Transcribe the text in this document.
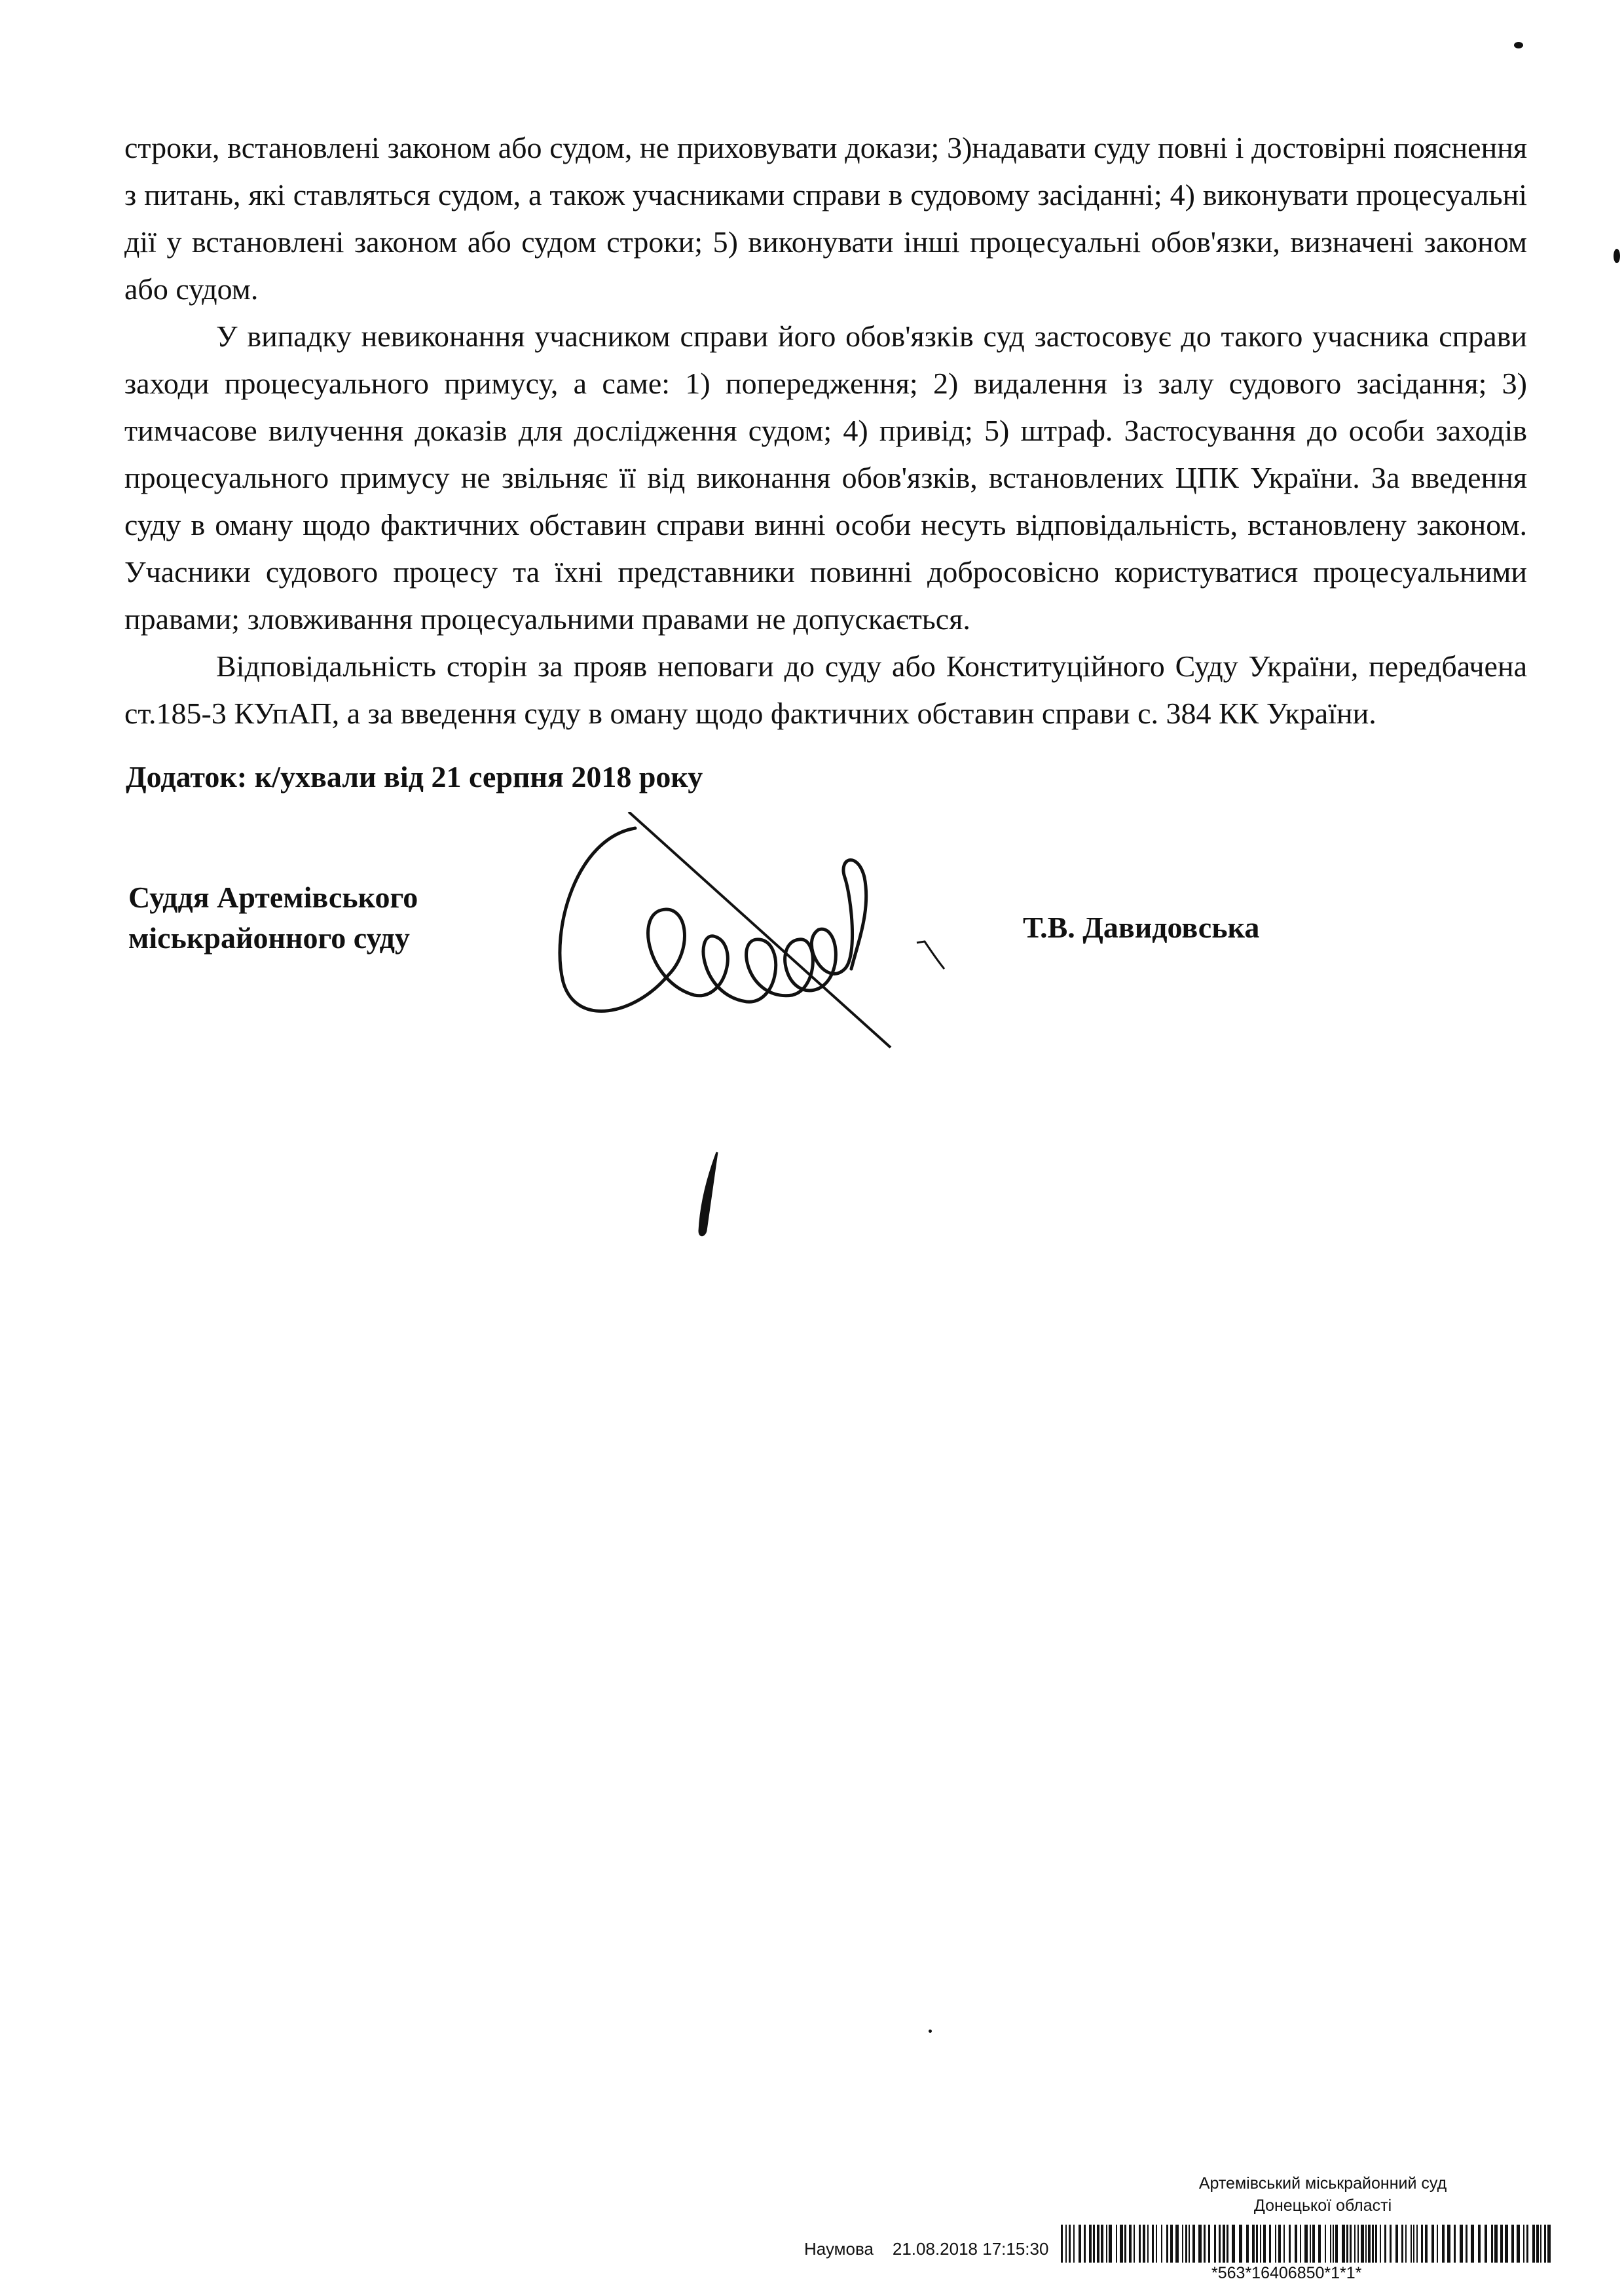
строки, встановлені законом або судом, не приховувати докази; 3)надавати суду повні і достовірні пояснення з питань, які ставляться судом, а також учасниками справи в судовому засіданні; 4) виконувати процесуальні дії у встановлені законом або судом строки; 5) виконувати інші процесуальні обов'язки, визначені законом або судом.

У випадку невиконання учасником справи його обов'язків суд застосовує до такого учасника справи заходи процесуального примусу, а саме: 1) попередження; 2) видалення із залу судового засідання; 3) тимчасове вилучення доказів для дослідження судом; 4) привід; 5) штраф. Застосування до особи заходів процесуального примусу не звільняє її від виконання обов'язків, встановлених ЦПК України. За введення суду в оману щодо фактичних обставин справи винні особи несуть відповідальність, встановлену законом. Учасники судового процесу та їхні представники повинні добросовісно користуватися процесуальними правами; зловживання процесуальними правами не допускається.

Відповідальність сторін за прояв неповаги до суду або Конституційного Суду України, передбачена ст.185-3 КУпАП, а за введення суду в оману щодо фактичних обставин справи с. 384 КК України.

Додаток: к/ухвали від 21 серпня 2018 року
Суддя Артемівського
міськрайонного суду	Т.В. Давидовська
Артемівський міськрайонний суд
Донецької області
Наумова 21.08.2018 17:15:30
*563*16406850*1*1*
